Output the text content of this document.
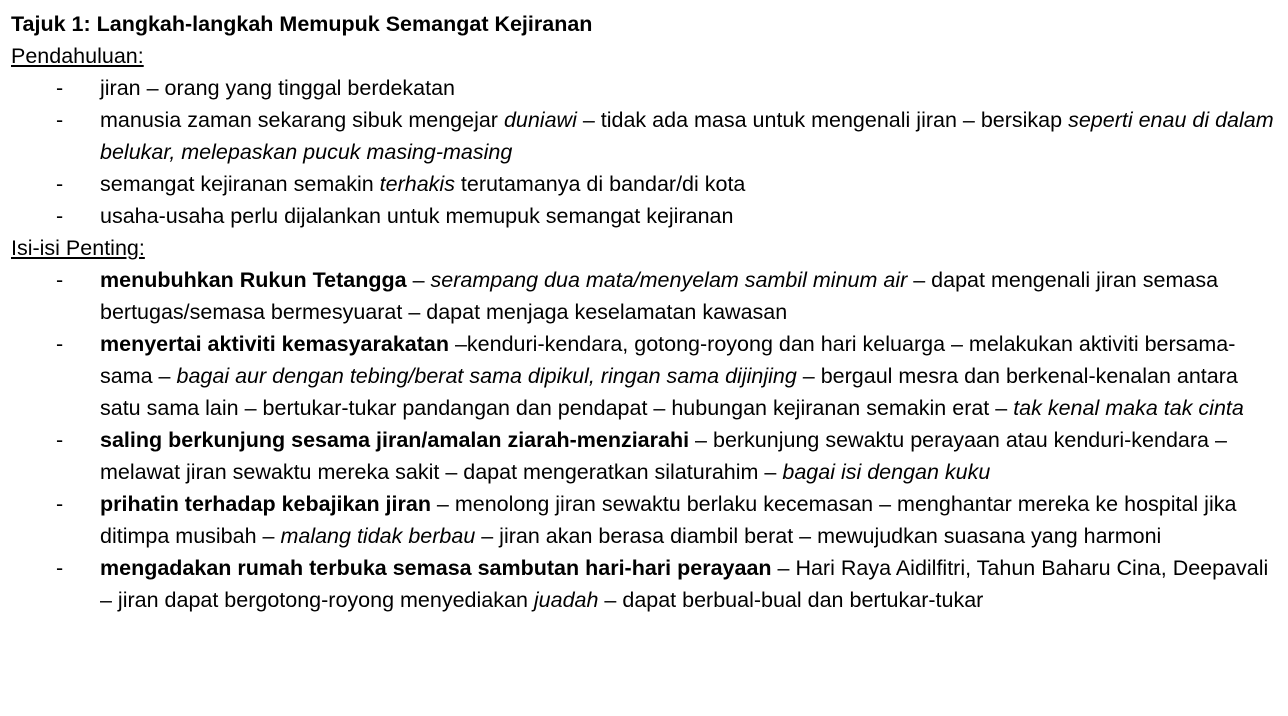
Tajuk 1: Langkah-langkah Memupuk Semangat Kejiranan

Pendahuluan:

- jiran – orang yang tinggal berdekatan
- manusia zaman sekarang sibuk mengejar duniawi – tidak ada masa untuk mengenali jiran – bersikap seperti enau di dalam belukar, melepaskan pucuk masing-masing
- semangat kejiranan semakin terhakis terutamanya di bandar/di kota
- usaha-usaha perlu dijalankan untuk memupuk semangat kejiranan

Isi-isi Penting:

- menubuhkan Rukun Tetangga – serampang dua mata/menyelam sambil minum air – dapat mengenali jiran semasa bertugas/semasa bermesyuarat – dapat menjaga keselamatan kawasan
- menyertai aktiviti kemasyarakatan –kenduri-kendara, gotong-royong dan hari keluarga – melakukan aktiviti bersama-sama – bagai aur dengan tebing/berat sama dipikul, ringan sama dijinjing – bergaul mesra dan berkenal-kenalan antara satu sama lain – bertukar-tukar pandangan dan pendapat – hubungan kejiranan semakin erat – tak kenal maka tak cinta
- saling berkunjung sesama jiran/amalan ziarah-menziarahi – berkunjung sewaktu perayaan atau kenduri-kendara – melawat jiran sewaktu mereka sakit – dapat mengeratkan silaturahim – bagai isi dengan kuku
- prihatin terhadap kebajikan jiran – menolong jiran sewaktu berlaku kecemasan – menghantar mereka ke hospital jika ditimpa musibah – malang tidak berbau – jiran akan berasa diambil berat – mewujudkan suasana yang harmoni
- mengadakan rumah terbuka semasa sambutan hari-hari perayaan – Hari Raya Aidilfitri, Tahun Baharu Cina, Deepavali – jiran dapat bergotong-royong menyediakan juadah – dapat berbual-bual dan bertukar-tukar
